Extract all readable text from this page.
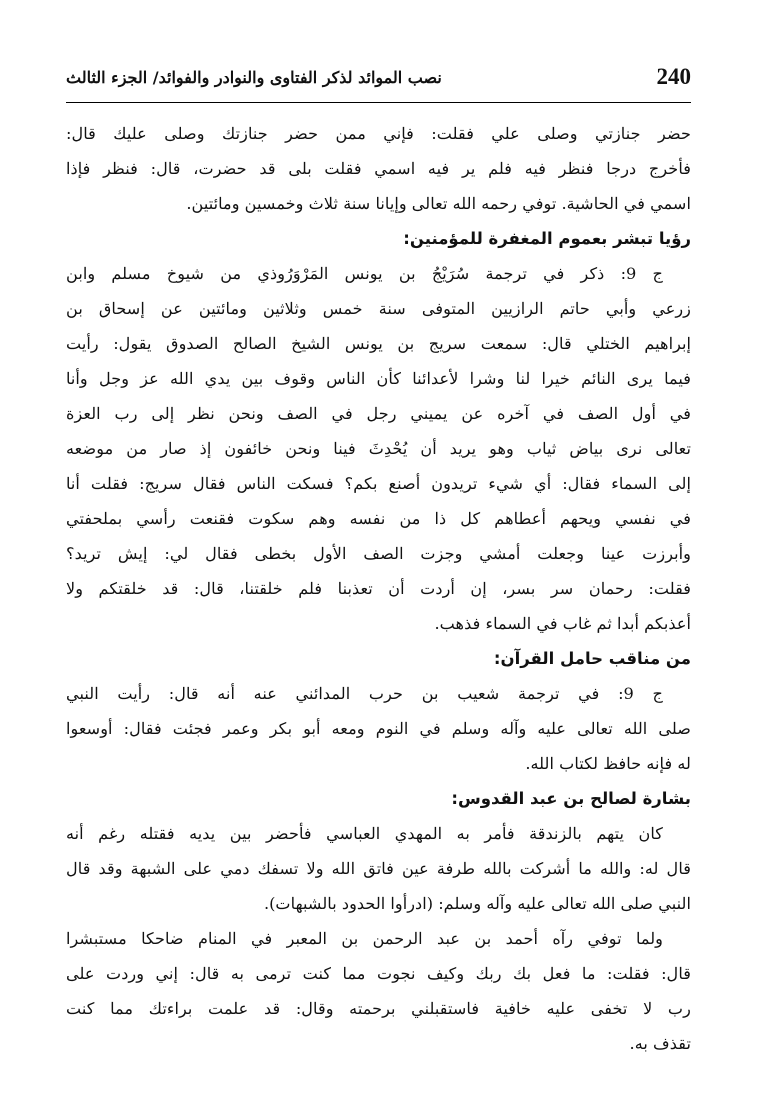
240
نصب الموائد لذكر الفتاوى والنوادر والفوائد/ الجزء الثالث

حضر جنازتي وصلى علي فقلت: فإني ممن حضر جنازتك وصلى عليك قال:
فأخرج درجا فنظر فيه فلم ير فيه اسمي فقلت بلى قد حضرت، قال: فنظر فإذا
اسمي في الحاشية. توفي رحمه الله تعالى وإيانا سنة ثلاث وخمسين ومائتين.

رؤيا تبشر بعموم المغفرة للمؤمنين:

ج 9: ذكر في ترجمة سُرَيْجُ بن يونس المَرْوَرُوذي من شيوخ مسلم وابن
زرعي وأبي حاتم الرازيين المتوفى سنة خمس وثلاثين ومائتين عن إسحاق بن
إبراهيم الختلي قال: سمعت سريج بن يونس الشيخ الصالح الصدوق يقول: رأيت
فيما يرى النائم خيرا لنا وشرا لأعدائنا كأن الناس وقوف بين يدي الله عز وجل وأنا
في أول الصف في آخره عن يميني رجل في الصف ونحن نظر إلى رب العزة
تعالى نرى بياض ثياب وهو يريد أن يُحْدِثَ فينا ونحن خائفون إذ صار من موضعه
إلى السماء فقال: أي شيء تريدون أصنع بكم؟ فسكت الناس فقال سريج: فقلت أنا
في نفسي ويحهم أعطاهم كل ذا من نفسه وهم سكوت فقنعت رأسي بملحفتي
وأبرزت عينا وجعلت أمشي وجزت الصف الأول بخطى فقال لي: إيش تريد؟
فقلت: رحمان سر بسر، إن أردت أن تعذبنا فلم خلقتنا، قال: قد خلقتكم ولا
أعذبكم أبدا ثم غاب في السماء فذهب.

من مناقب حامل القرآن:

ج 9: في ترجمة شعيب بن حرب المدائني عنه أنه قال: رأيت النبي
صلى الله تعالى عليه وآله وسلم في النوم ومعه أبو بكر وعمر فجئت فقال: أوسعوا
له فإنه حافظ لكتاب الله.

بشارة لصالح بن عبد القدوس:

كان يتهم بالزندقة فأمر به المهدي العباسي فأحضر بين يديه فقتله رغم أنه
قال له: والله ما أشركت بالله طرفة عين فاتق الله ولا تسفك دمي على الشبهة وقد قال
النبي صلى الله تعالى عليه وآله وسلم: (ادرأوا الحدود بالشبهات).

ولما توفي رآه أحمد بن عبد الرحمن بن المعبر في المنام ضاحكا مستبشرا
قال: فقلت: ما فعل بك ربك وكيف نجوت مما كنت ترمى به قال: إني وردت على
رب لا تخفى عليه خافية فاستقبلني برحمته وقال: قد علمت براءتك مما كنت
تقذف به.
